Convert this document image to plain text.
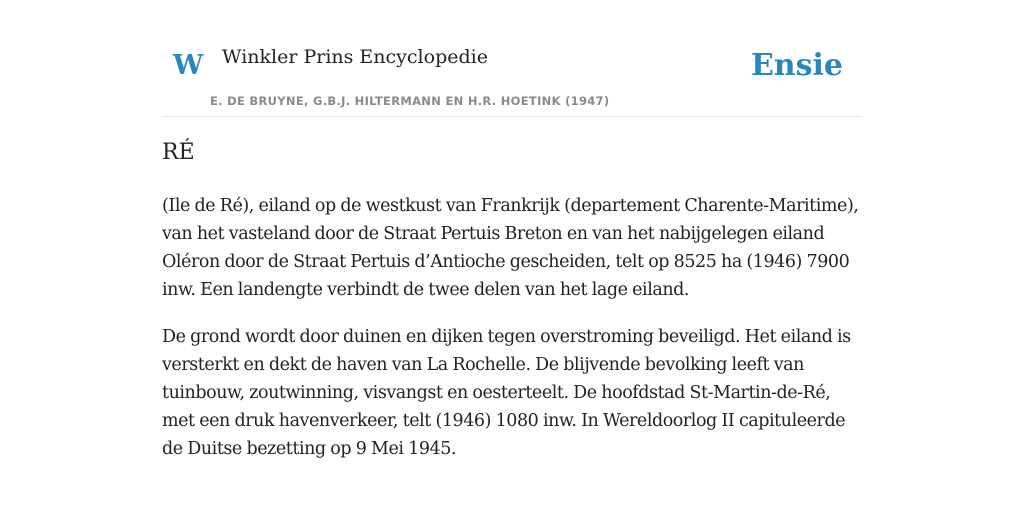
W Winkler Prins Encyclopedie
E. DE BRUYNE, G.B.J. HILTERMANN EN H.R. HOETINK (1947)
Ensie
RÉ

(Ile de Ré), eiland op de westkust van Frankrijk (departement Charente-Maritime), van het vasteland door de Straat Pertuis Breton en van het nabijgelegen eiland Oléron door de Straat Pertuis d’Antioche gescheiden, telt op 8525 ha (1946) 7900 inw. Een landengte verbindt de twee delen van het lage eiland.

De grond wordt door duinen en dijken tegen overstroming beveiligd. Het eiland is versterkt en dekt de haven van La Rochelle. De blijvende bevolking leeft van tuinbouw, zoutwinning, visvangst en oesterteelt. De hoofdstad St-Martin-de-Ré, met een druk havenverkeer, telt (1946) 1080 inw. In Wereldoorlog II capituleerde de Duitse bezetting op 9 Mei 1945.
